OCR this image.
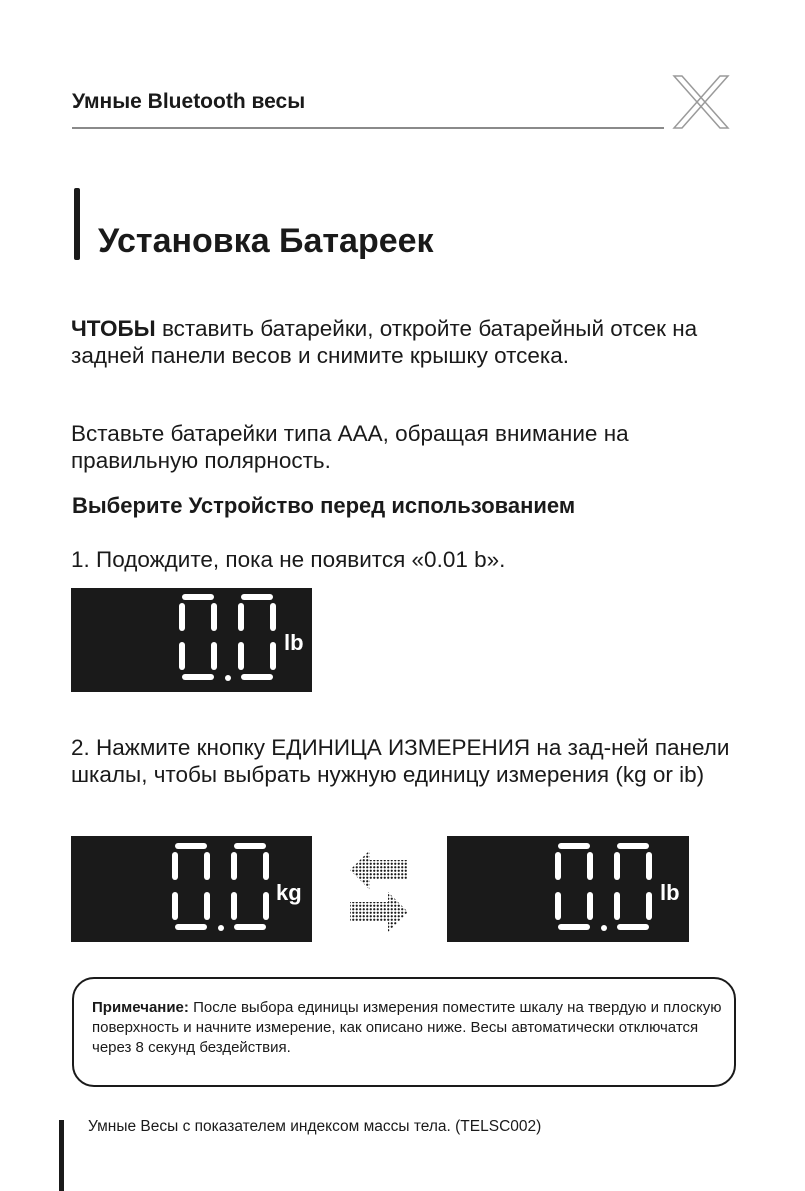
Умные Bluetooth весы
Установка Батареек
ЧТОБЫ вставить батарейки, откройте батарейный отсек на задней панели весов и снимите крышку отсека.
Вставьте батарейки типа ААА, обращая внимание на правильную полярность.
Выберите Устройство перед использованием
1. Подождите, пока не появится «0.01 b».
lb
2. Нажмите кнопку ЕДИНИЦА ИЗМЕРЕНИЯ на зад-ней панели шкалы, чтобы выбрать нужную единицу измерения (kg or ib)
kg	lb
Примечание: После выбора единицы измерения поместите шкалу на твердую и плоскую поверхность и начните измерение, как описано ниже. Весы автоматически отключатся через 8 секунд бездействия.
Умные Весы с показателем индексом массы тела. (TELSC002)
